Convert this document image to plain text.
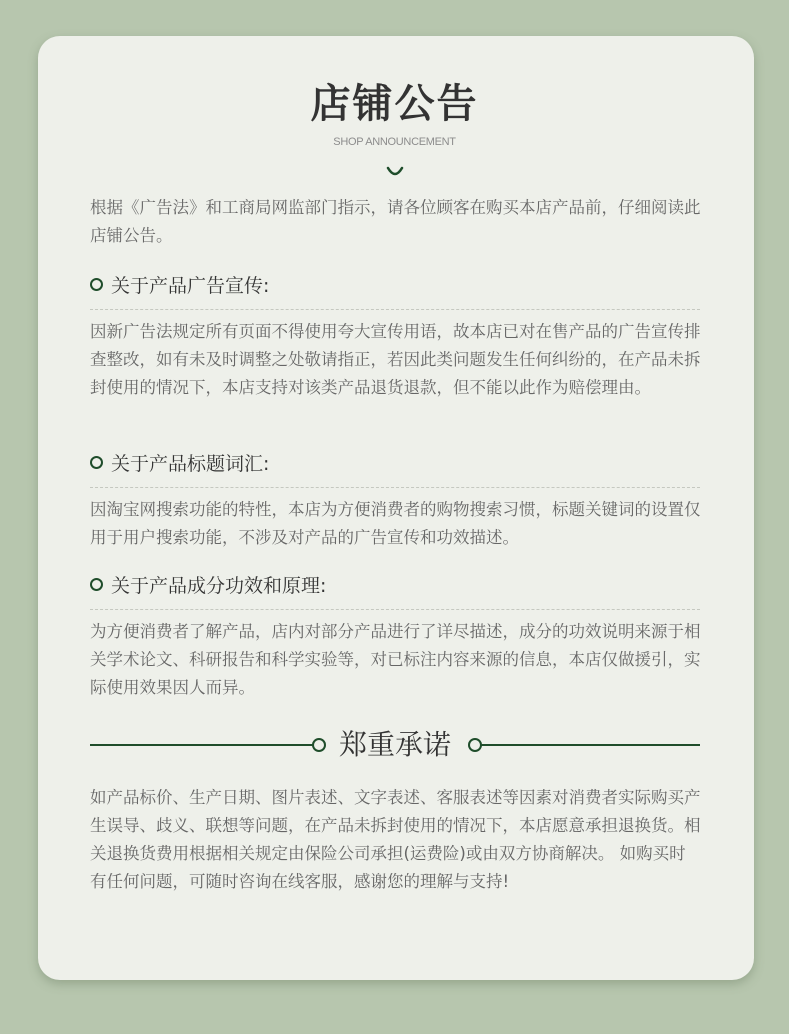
店铺公告
SHOP ANNOUNCEMENT

根据《广告法》和工商局网监部门指示，请各位顾客在购买本店产品前，仔细阅读此店铺公告。

关于产品广告宣传:

因新广告法规定所有页面不得使用夸大宣传用语，故本店已对在售产品的广告宣传排查整改，如有未及时调整之处敬请指正，若因此类问题发生任何纠纷的，在产品未拆封使用的情况下，本店支持对该类产品退货退款，但不能以此作为赔偿理由。

关于产品标题词汇:

因淘宝网搜索功能的特性，本店为方便消费者的购物搜索习惯，标题关键词的设置仅用于用户搜索功能，不涉及对产品的广告宣传和功效描述。

关于产品成分功效和原理:

为方便消费者了解产品，店内对部分产品进行了详尽描述，成分的功效说明来源于相关学术论文、科研报告和科学实验等，对已标注内容来源的信息，本店仅做援引，实际使用效果因人而异。

郑重承诺

如产品标价、生产日期、图片表述、文字表述、客服表述等因素对消费者实际购买产生误导、歧义、联想等问题，在产品未拆封使用的情况下，本店愿意承担退换货。相关退换货费用根据相关规定由保险公司承担(运费险)或由双方协商解决。 如购买时有任何问题，可随时咨询在线客服，感谢您的理解与支持!
